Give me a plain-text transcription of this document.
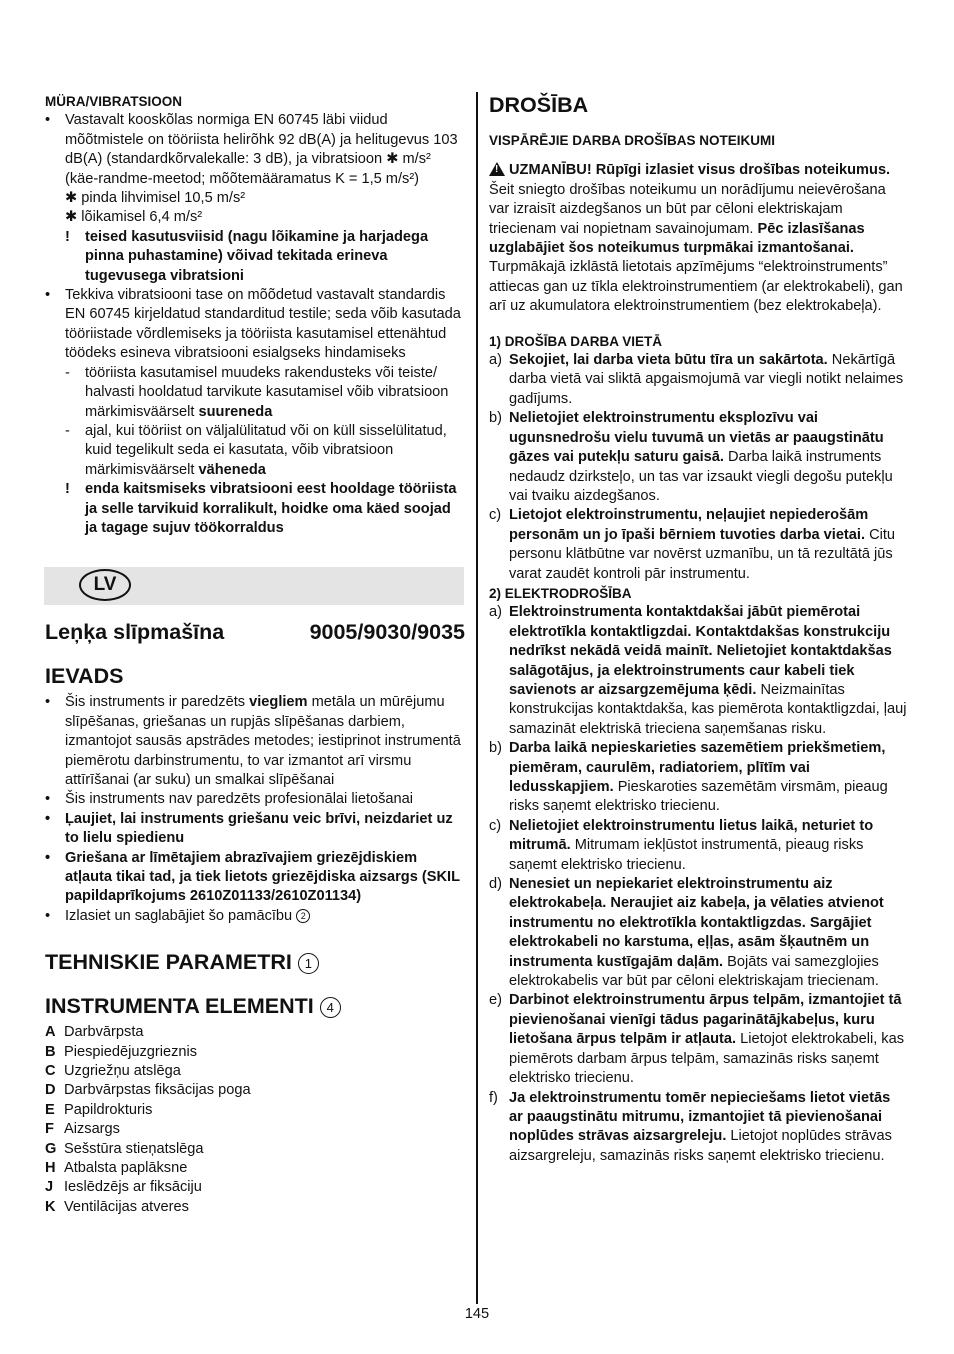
MÜRA/VIBRATSIOON

• Vastavalt kooskõlas normiga EN 60745 läbi viidud mõõtmistele on tööriista helirõhk 92 dB(A) ja helitugevus 103 dB(A) (standardkõrvalekalle: 3 dB), ja vibratsioon ✱ m/s² (käe-randme-meetod; mõõtemääramatus K = 1,5 m/s²)
✱ pinda lihvimisel 10,5 m/s²
✱ lõikamisel 6,4 m/s²
! teised kasutusviisid (nagu lõikamine ja harjadega pinna puhastamine) võivad tekitada erineva tugevusega vibratsioni
• Tekkiva vibratsiooni tase on mõõdetud vastavalt standardis EN 60745 kirjeldatud standarditud testile; seda võib kasutada tööriistade võrdlemiseks ja tööriista kasutamisel ettenähtud töödeks esineva vibratsiooni esialgseks hindamiseks
- tööriista kasutamisel muudeks rakendusteks või teiste/ halvasti hooldatud tarvikute kasutamisel võib vibratsioon märkimisväärselt suureneda
- ajal, kui tööriist on väljalülitatud või on küll sisselülitatud, kuid tegelikult seda ei kasutata, võib vibratsioon märkimisväärselt väheneda
! enda kaitsmiseks vibratsiooni eest hooldage tööriista ja selle tarvikuid korralikult, hoidke oma käed soojad ja tagage sujuv töökorraldus
LV
Leņķa slīpmašīna	9005/9030/9035
IEVADS
• Šis instruments ir paredzēts viegliem metāla un mūrējumu slīpēšanas, griešanas un rupjās slīpēšanas darbiem, izmantojot sausās apstrādes metodes; iestiprinot instrumentā piemērotu darbinstrumentu, to var izmantot arī virsmu attīrīšanai (ar suku) un smalkai slīpēšanai
• Šis instruments nav paredzēts profesionālai lietošanai
• Ļaujiet, lai instruments griešanu veic brīvi, neizdariet uz to lielu spiedienu
• Griešana ar līmētajiem abrazīvajiem griezējdiskiem atļauta tikai tad, ja tiek lietots griezējdiska aizsargs (SKIL papildaprīkojums 2610Z01133/2610Z01134)
• Izlasiet un saglabājiet šo pamācību 2
TEHNISKIE PARAMETRI 1
INSTRUMENTA ELEMENTI 4
A Darbvārpsta
B Piespiedējuzgrieznis
C Uzgriežņu atslēga
D Darbvārpstas fiksācijas poga
E Papildrokturis
F Aizsargs
G Sešstūra stieņatslēga
H Atbalsta paplāksne
J Ieslēdzējs ar fiksāciju
K Ventilācijas atveres
DROŠĪBA

VISPĀRĒJIE DARBA DROŠĪBAS NOTEIKUMI

! UZMANĪBU! Rūpīgi izlasiet visus drošības noteikumus. Šeit sniegto drošības noteikumu un norādījumu neievērošana var izraisīt aizdegšanos un būt par cēloni elektriskajam triecienam vai nopietnam savainojumam. Pēc izlasīšanas uzglabājiet šos noteikumus turpmākai izmantošanai. Turpmākajā izklāstā lietotais apzīmējums “elektroinstruments” attiecas gan uz tīkla elektroinstrumentiem (ar elektrokabeli), gan arī uz akumulatora elektroinstrumentiem (bez elektrokabeļa).

1) DROŠĪBA DARBA VIETĀ

a) Sekojiet, lai darba vieta būtu tīra un sakārtota. Nekārtīgā darba vietā vai sliktā apgaismojumā var viegli notikt nelaimes gadījums.
b) Nelietojiet elektroinstrumentu eksplozīvu vai ugunsnedrošu vielu tuvumā un vietās ar paaugstinātu gāzes vai putekļu saturu gaisā. Darba laikā instruments nedaudz dzirksteļo, un tas var izsaukt viegli degošu putekļu vai tvaiku aizdegšanos.
c) Lietojot elektroinstrumentu, neļaujiet nepiederošām personām un jo īpaši bērniem tuvoties darba vietai. Citu personu klātbūtne var novērst uzmanību, un tā rezultātā jūs varat zaudēt kontroli pār instrumentu.

2) ELEKTRODROŠĪBA

a) Elektroinstrumenta kontaktdakšai jābūt piemērotai elektrotīkla kontaktligzdai. Kontaktdakšas konstrukciju nedrīkst nekādā veidā mainīt. Nelietojiet kontaktdakšas salāgotājus, ja elektroinstruments caur kabeli tiek savienots ar aizsargzemējuma ķēdi. Neizmainītas konstrukcijas kontaktdakša, kas piemērota kontaktligzdai, ļauj samazināt elektriskā trieciena saņemšanas risku.
b) Darba laikā nepieskarieties sazemētiem priekšmetiem, piemēram, caurulēm, radiatoriem, plītīm vai ledusskapjiem. Pieskaroties sazemētām virsmām, pieaug risks saņemt elektrisko triecienu.
c) Nelietojiet elektroinstrumentu lietus laikā, neturiet to mitrumā. Mitrumam iekļūstot instrumentā, pieaug risks saņemt elektrisko triecienu.
d) Nenesiet un nepiekariet elektroinstrumentu aiz elektrokabeļa. Neraujiet aiz kabeļa, ja vēlaties atvienot instrumentu no elektrotīkla kontaktligzdas. Sargājiet elektrokabeli no karstuma, eļļas, asām šķautnēm un instrumenta kustīgajām daļām. Bojāts vai samezglojies elektrokabelis var būt par cēloni elektriskajam triecienam.
e) Darbinot elektroinstrumentu ārpus telpām, izmantojiet tā pievienošanai vienīgi tādus pagarinātājkabeļus, kuru lietošana ārpus telpām ir atļauta. Lietojot elektrokabeli, kas piemērots darbam ārpus telpām, samazinās risks saņemt elektrisko triecienu.
f) Ja elektroinstrumentu tomēr nepieciešams lietot vietās ar paaugstinātu mitrumu, izmantojiet tā pievienošanai noplūdes strāvas aizsargreleju. Lietojot noplūdes strāvas aizsargreleju, samazinās risks saņemt elektrisko triecienu.
145
